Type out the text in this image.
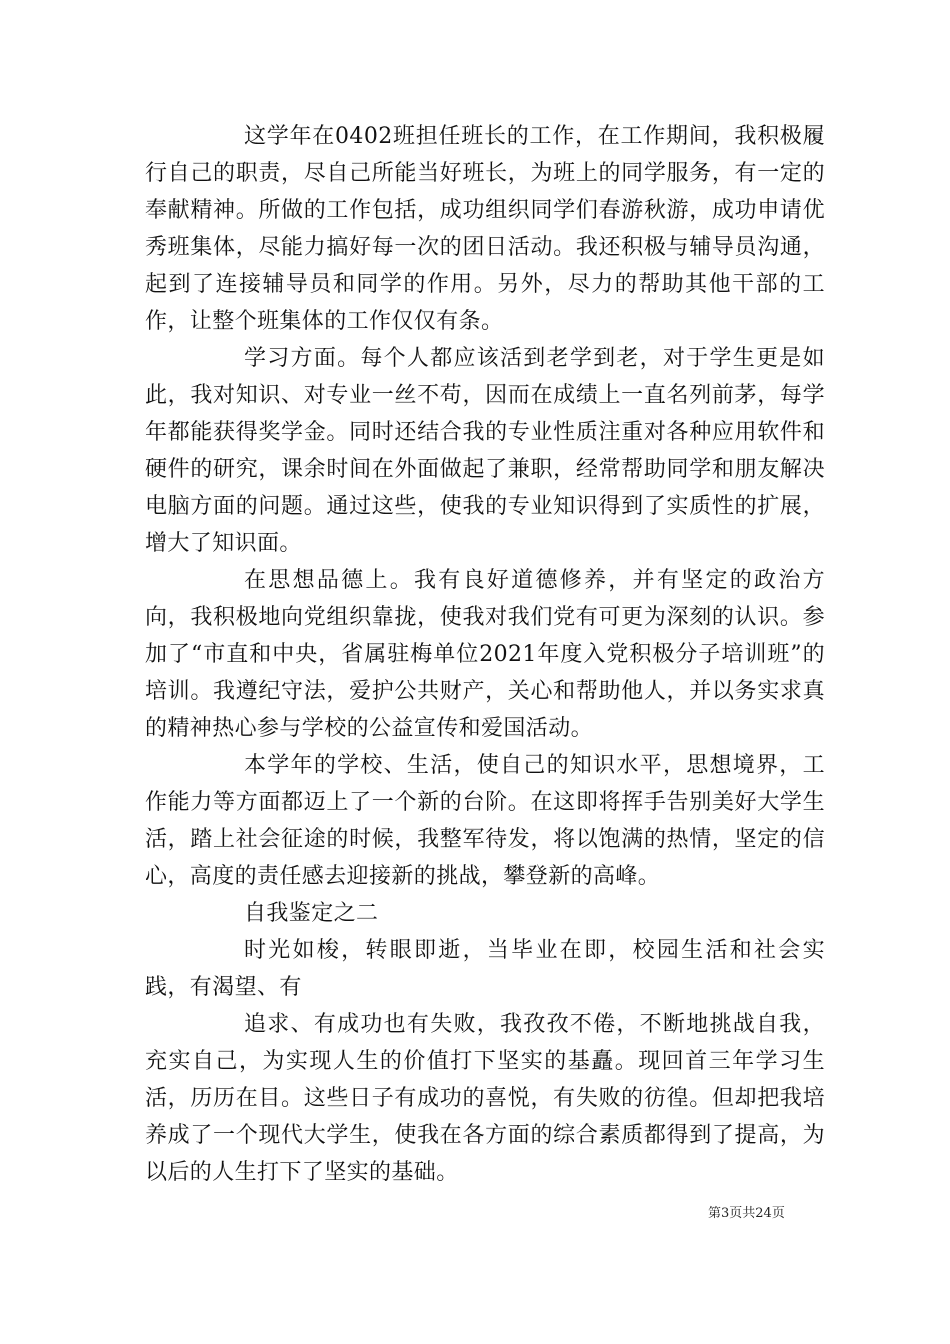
这学年在0402班担任班长的工作，在工作期间，我积极履行自己的职责，尽自己所能当好班长，为班上的同学服务，有一定的奉献精神。所做的工作包括，成功组织同学们春游秋游，成功申请优秀班集体，尽能力搞好每一次的团日活动。我还积极与辅导员沟通，起到了连接辅导员和同学的作用。另外，尽力的帮助其他干部的工作，让整个班集体的工作仅仅有条。

学习方面。每个人都应该活到老学到老，对于学生更是如此，我对知识、对专业一丝不苟，因而在成绩上一直名列前茅，每学年都能获得奖学金。同时还结合我的专业性质注重对各种应用软件和硬件的研究，课余时间在外面做起了兼职，经常帮助同学和朋友解决电脑方面的问题。通过这些，使我的专业知识得到了实质性的扩展，增大了知识面。

在思想品德上。我有良好道德修养，并有坚定的政治方向，我积极地向党组织靠拢，使我对我们党有可更为深刻的认识。参加了“市直和中央，省属驻梅单位2021年度入党积极分子培训班”的培训。我遵纪守法，爱护公共财产，关心和帮助他人，并以务实求真的精神热心参与学校的公益宣传和爱国活动。

本学年的学校、生活，使自己的知识水平，思想境界，工作能力等方面都迈上了一个新的台阶。在这即将挥手告别美好大学生活，踏上社会征途的时候，我整军待发，将以饱满的热情，坚定的信心，高度的责任感去迎接新的挑战，攀登新的高峰。

自我鉴定之二

时光如梭，转眼即逝，当毕业在即，校园生活和社会实践，有渴望、有

追求、有成功也有失败，我孜孜不倦，不断地挑战自我，充实自己，为实现人生的价值打下坚实的基矗。现回首三年学习生活，历历在目。这些日子有成功的喜悦，有失败的彷徨。但却把我培养成了一个现代大学生，使我在各方面的综合素质都得到了提高，为以后的人生打下了坚实的基础。

第3页共24页
